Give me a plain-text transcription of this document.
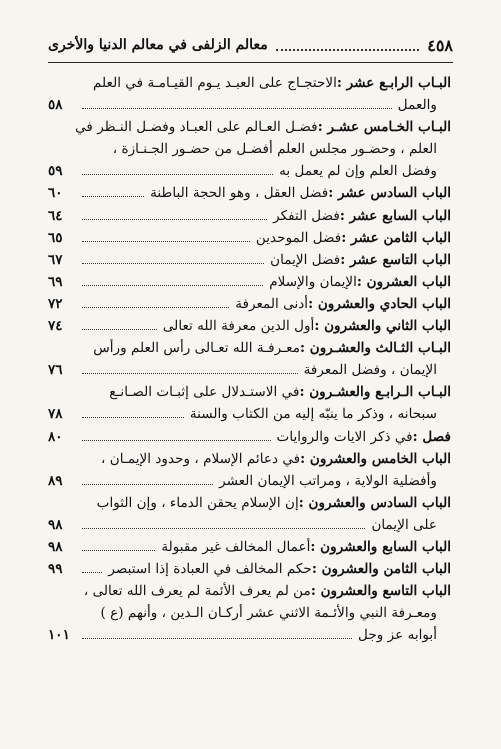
٤٥٨
معالم الزلفى في معالم الدنيا والأخرى
البـاب الرابـع عشر :
الاحتجـاج على العبـد يـوم القيـامـة في العلم
والعمل
٥٨
البـاب الخـامس عشـر :
فضـل العـالم على العبـاد وفضـل النـظر في
العلم ، وحضـور مجلس العلم أفضـل من حضـور الجـنـازة ،
وفضل العلم وإن لم يعمل به
٥٩
الباب السادس عشر :
فضل العقل ، وهو الحجة الباطنة
٦٠
الباب السابع عشر :
فضل التفكر
٦٤
الباب الثامن عشر :
فضل الموحدين
٦٥
الباب التاسع عشر :
فضل الإيمان
٦٧
الباب العشرون :
الإيمان والإسلام
٦٩
الباب الحادي والعشرون :
أدنى المعرفة
٧٢
الباب الثاني والعشرون :
أول الدين معرفة الله تعالى
٧٤
البـاب الثـالث والعشـرون :
معـرفـة الله تعـالى رأس العلم ورأس
الإيمان ، وفضل المعرفة
٧٦
البـاب الـرابـع والعشـرون :
في الاستـدلال على إثبـات الصـانـع
سبحانه ، وذكر ما ينبّه إليه من الكتاب والسنة
٧٨
فصل :
في ذكر الايات والروايات
٨٠
الباب الخامس والعشرون :
في دعائم الإسلام ، وحدود الإيمـان ،
وأفضلية الولاية ، ومراتب الإيمان العشر
٨٩
الباب السادس والعشرون :
إن الإسلام يحقن الدماء ، وإن الثواب
على الإيمان
٩٨
الباب السابع والعشرون :
أعمال المخالف غير مقبولة
٩٨
الباب الثامن والعشرون :
حكم المخالف في العبادة إذا استبصر
٩٩
الباب التاسع والعشرون :
من لم يعرف الأئمة لم يعرف الله تعالى ،
ومعـرفة النبي والأئـمة الاثني عشر أركـان الـدين ، وأنهم (ع )
أبوابه عز وجل
١٠١
